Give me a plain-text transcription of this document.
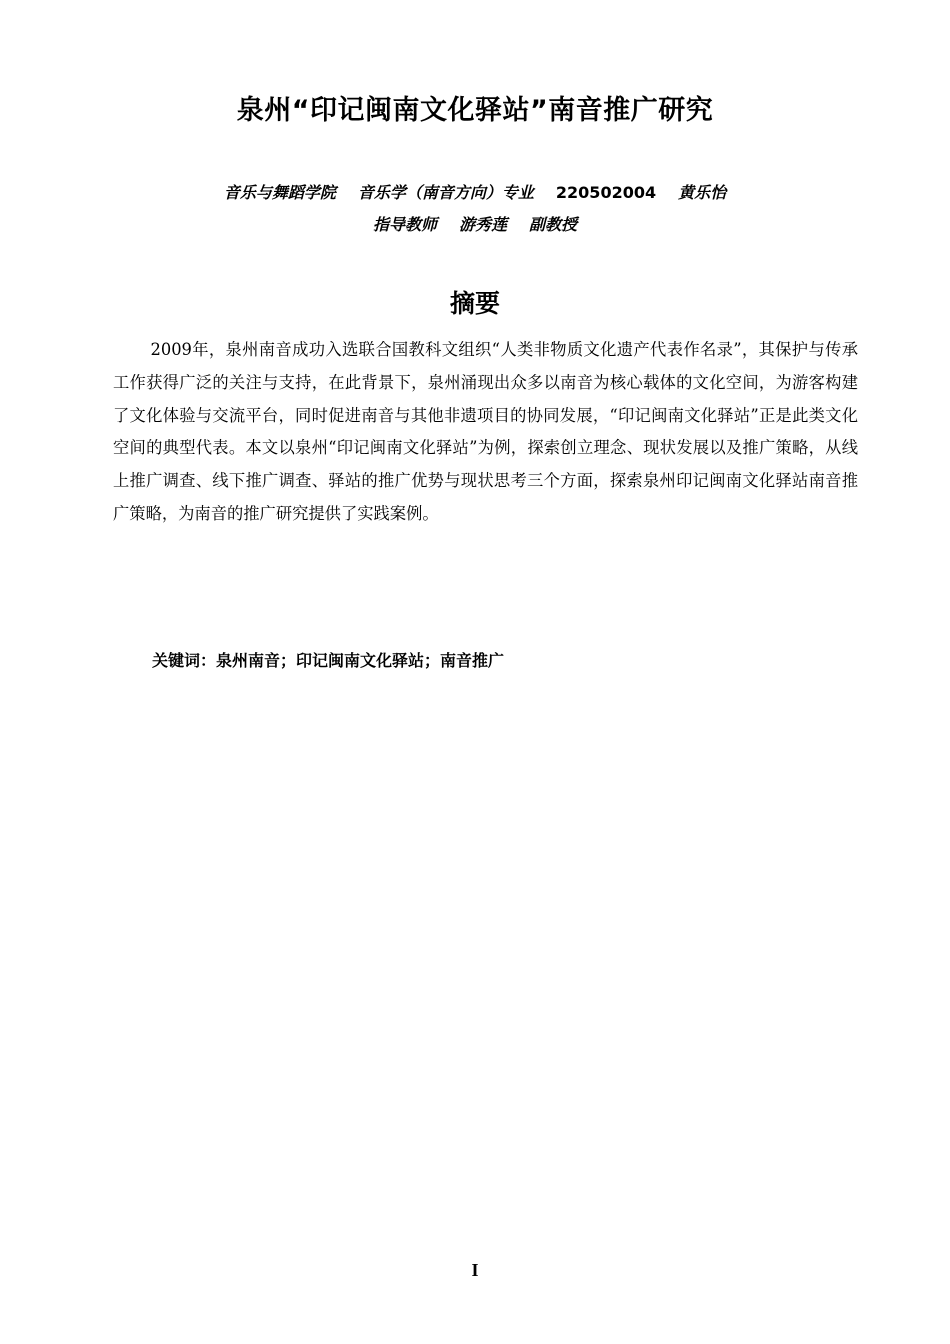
泉州“印记闽南文化驿站”南音推广研究
音乐与舞蹈学院 音乐学（南音方向）专业 220502004 黄乐怡
指导教师 游秀莲 副教授
摘要

2009年，泉州南音成功入选联合国教科文组织“人类非物质文化遗产代表作名录”，其保护与传承工作获得广泛的关注与支持，在此背景下，泉州涌现出众多以南音为核心载体的文化空间，为游客构建了文化体验与交流平台，同时促进南音与其他非遗项目的协同发展，“印记闽南文化驿站”正是此类文化空间的典型代表。本文以泉州“印记闽南文化驿站”为例，探索创立理念、现状发展以及推广策略，从线上推广调查、线下推广调查、驿站的推广优势与现状思考三个方面，探索泉州印记闽南文化驿站南音推广策略，为南音的推广研究提供了实践案例。

关键词：泉州南音；印记闽南文化驿站；南音推广
I
